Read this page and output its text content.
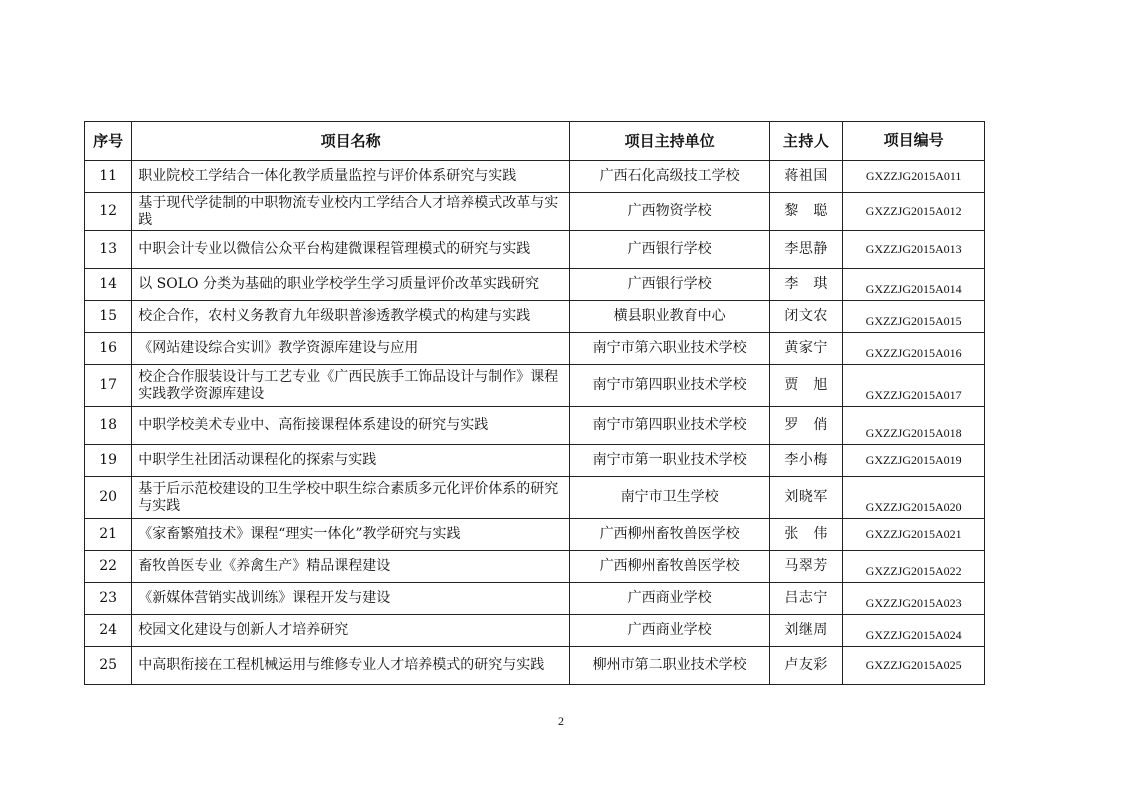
序号	项目名称	项目主持单位	主持人	项目编号
11	职业院校工学结合一体化教学质量监控与评价体系研究与实践	广西石化高级技工学校	蒋祖国	GXZZJG2015A011
12	基于现代学徒制的中职物流专业校内工学结合人才培养模式改革与实践	广西物资学校	黎　聪	GXZZJG2015A012
13	中职会计专业以微信公众平台构建微课程管理模式的研究与实践	广西银行学校	李思静	GXZZJG2015A013
14	以 SOLO 分类为基础的职业学校学生学习质量评价改革实践研究	广西银行学校	李　琪	GXZZJG2015A014
15	校企合作，农村义务教育九年级职普渗透教学模式的构建与实践	横县职业教育中心	闭文农	GXZZJG2015A015
16	《网站建设综合实训》教学资源库建设与应用	南宁市第六职业技术学校	黄家宁	GXZZJG2015A016
17	校企合作服装设计与工艺专业《广西民族手工饰品设计与制作》课程实践教学资源库建设	南宁市第四职业技术学校	贾　旭	GXZZJG2015A017
18	中职学校美术专业中、高衔接课程体系建设的研究与实践	南宁市第四职业技术学校	罗　俏	GXZZJG2015A018
19	中职学生社团活动课程化的探索与实践	南宁市第一职业技术学校	李小梅	GXZZJG2015A019
20	基于后示范校建设的卫生学校中职生综合素质多元化评价体系的研究与实践	南宁市卫生学校	刘晓军	GXZZJG2015A020
21	《家畜繁殖技术》课程“理实一体化”教学研究与实践	广西柳州畜牧兽医学校	张　伟	GXZZJG2015A021
22	畜牧兽医专业《养禽生产》精品课程建设	广西柳州畜牧兽医学校	马翠芳	GXZZJG2015A022
23	《新媒体营销实战训练》课程开发与建设	广西商业学校	吕志宁	GXZZJG2015A023
24	校园文化建设与创新人才培养研究	广西商业学校	刘继周	GXZZJG2015A024
25	中高职衔接在工程机械运用与维修专业人才培养模式的研究与实践	柳州市第二职业技术学校	卢友彩	GXZZJG2015A025
2
